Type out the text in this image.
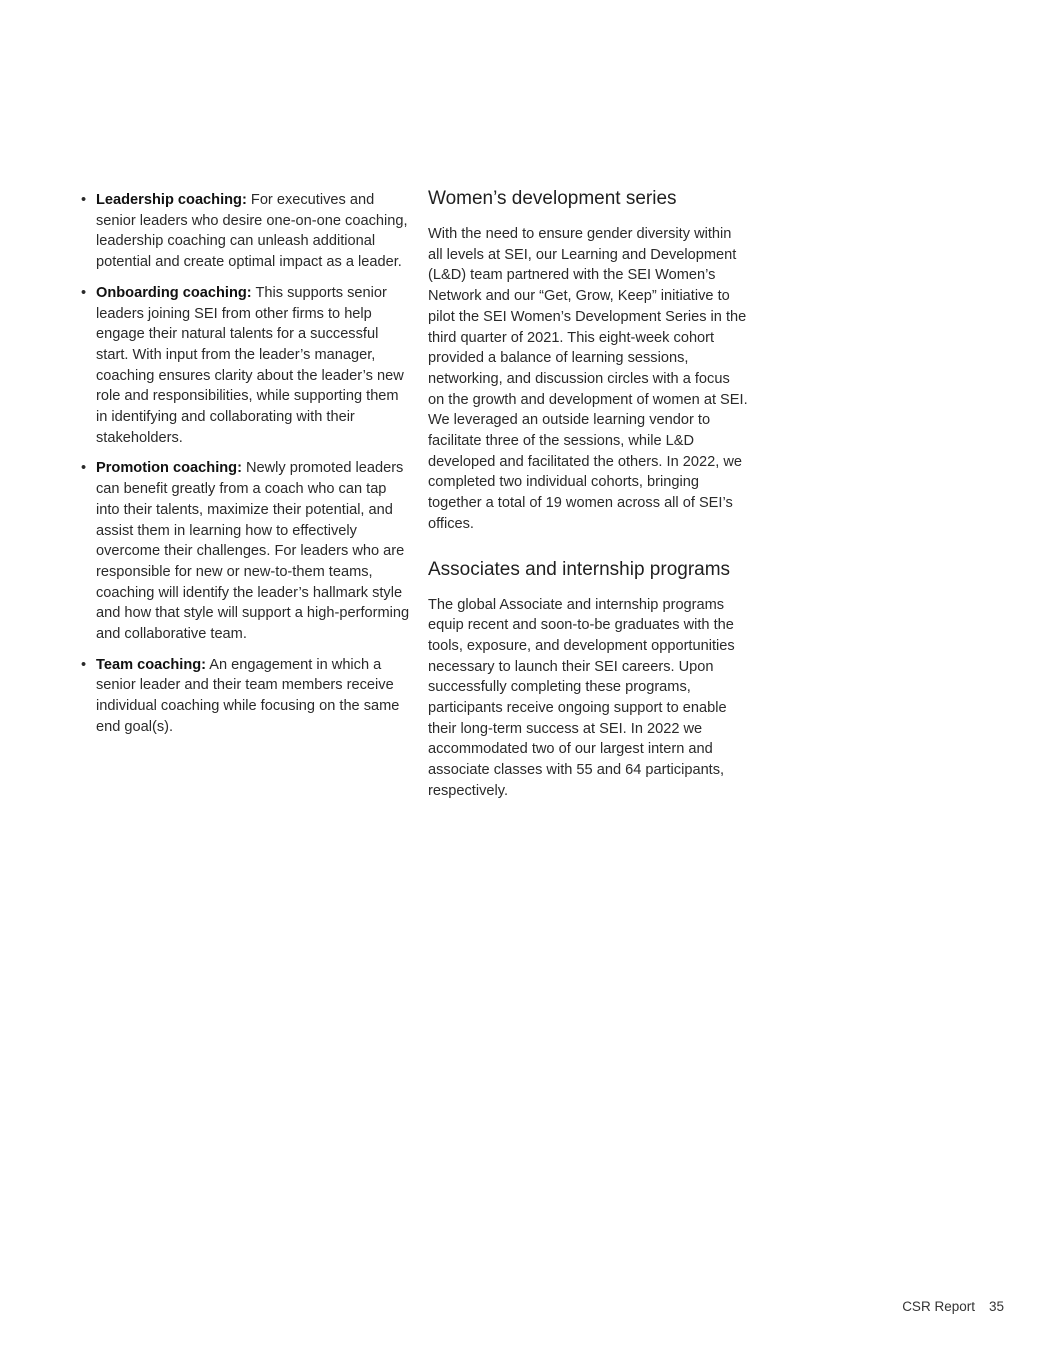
• Leadership coaching: For executives and senior leaders who desire one-on-one coaching, leadership coaching can unleash additional potential and create optimal impact as a leader.
• Onboarding coaching: This supports senior leaders joining SEI from other firms to help engage their natural talents for a successful start. With input from the leader’s manager, coaching ensures clarity about the leader’s new role and responsibilities, while supporting them in identifying and collaborating with their stakeholders.
• Promotion coaching: Newly promoted leaders can benefit greatly from a coach who can tap into their talents, maximize their potential, and assist them in learning how to effectively overcome their challenges. For leaders who are responsible for new or new-to-them teams, coaching will identify the leader’s hallmark style and how that style will support a high-performing and collaborative team.
• Team coaching: An engagement in which a senior leader and their team members receive individual coaching while focusing on the same end goal(s).
Women’s development series

With the need to ensure gender diversity within all levels at SEI, our Learning and Development (L&D) team partnered with the SEI Women’s Network and our “Get, Grow, Keep” initiative to pilot the SEI Women’s Development Series in the third quarter of 2021. This eight-week cohort provided a balance of learning sessions, networking, and discussion circles with a focus on the growth and development of women at SEI. We leveraged an outside learning vendor to facilitate three of the sessions, while L&D developed and facilitated the others. In 2022, we completed two individual cohorts, bringing together a total of 19 women across all of SEI’s offices.

Associates and internship programs

The global Associate and internship programs equip recent and soon-to-be graduates with the tools, exposure, and development opportunities necessary to launch their SEI careers. Upon successfully completing these programs, participants receive ongoing support to enable their long-term success at SEI. In 2022 we accommodated two of our largest intern and associate classes with 55 and 64 participants, respectively.

CSR Report 35
